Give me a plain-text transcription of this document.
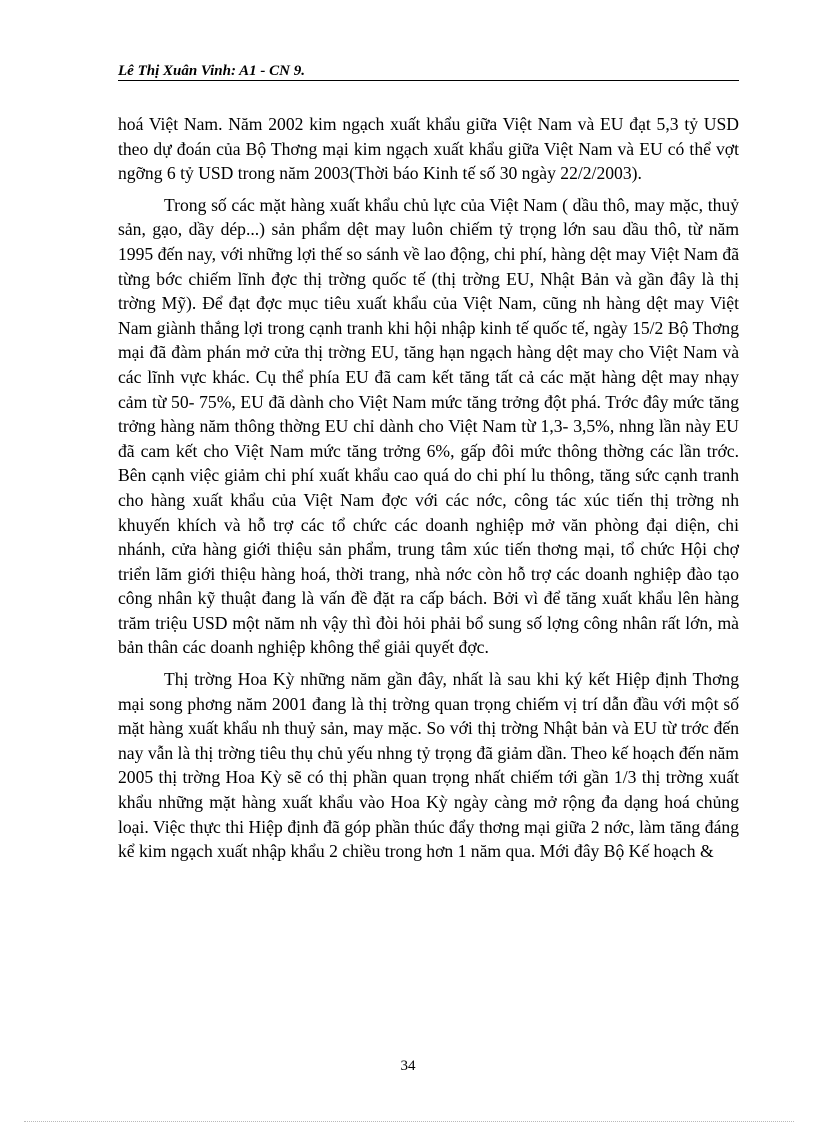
Lê Thị Xuân Vinh: A1 - CN 9.

hoá Việt Nam. Năm 2002 kim ngạch xuất khẩu giữa Việt Nam và EU đạt 5,3 tỷ USD theo dự đoán của Bộ Thơng mại kim ngạch xuất khẩu giữa Việt Nam và EU có thể vợt ngỡng 6 tỷ USD trong năm 2003(Thời báo Kinh tế số 30 ngày 22/2/2003).

Trong số các mặt hàng xuất khẩu chủ lực của Việt Nam ( dầu thô, may mặc, thuỷ sản, gạo, dầy dép...) sản phẩm dệt may luôn chiếm tỷ trọng lớn sau dầu thô, từ năm 1995 đến nay, với những lợi thế so sánh về lao động, chi phí, hàng dệt may Việt Nam đã từng bớc chiếm lĩnh đợc thị trờng quốc tế (thị trờng EU, Nhật Bản và gần đây là thị trờng Mỹ). Để đạt đợc mục tiêu xuất khẩu của Việt Nam, cũng nh hàng dệt may Việt Nam giành thắng lợi trong cạnh tranh khi hội nhập kinh tế quốc tế, ngày 15/2 Bộ Thơng mại đã đàm phán mở cửa thị trờng EU, tăng hạn ngạch hàng dệt may cho Việt Nam và các lĩnh vực khác. Cụ thể phía EU đã cam kết tăng tất cả các mặt hàng dệt may nhạy cảm từ 50- 75%, EU đã dành cho Việt Nam mức tăng trởng đột phá. Trớc đây mức tăng trởng hàng năm thông thờng EU chỉ dành cho Việt Nam từ 1,3- 3,5%, nhng lần này EU đã cam kết cho Việt Nam mức tăng trởng 6%, gấp đôi mức thông thờng các lần trớc. Bên cạnh việc giảm chi phí xuất khẩu cao quá do chi phí lu thông, tăng sức cạnh tranh cho hàng xuất khẩu của Việt Nam đợc với các nớc, công tác xúc tiến thị trờng nh khuyến khích và hỗ trợ các tổ chức các doanh nghiệp mở văn phòng đại diện, chi nhánh, cửa hàng giới thiệu sản phẩm, trung tâm xúc tiến thơng mại, tổ chức Hội chợ triển lãm giới thiệu hàng hoá, thời trang, nhà nớc còn hỗ trợ các doanh nghiệp đào tạo công nhân kỹ thuật đang là vấn đề đặt ra cấp bách. Bởi vì để tăng xuất khẩu lên hàng trăm triệu USD một năm nh vậy thì đòi hỏi phải bổ sung số lợng công nhân rất lớn, mà bản thân các doanh nghiệp không thể giải quyết đợc.

Thị trờng Hoa Kỳ những năm gần đây, nhất là sau khi ký kết Hiệp định Thơng mại song phơng năm 2001 đang là thị trờng quan trọng chiếm vị trí dẫn đầu với một số mặt hàng xuất khẩu nh thuỷ sản, may mặc. So với thị trờng Nhật bản và EU từ trớc đến nay vẫn là thị trờng tiêu thụ chủ yếu nhng tỷ trọng đã giảm dần. Theo kế hoạch đến năm 2005 thị trờng Hoa Kỳ sẽ có thị phần quan trọng nhất chiếm tới gần 1/3 thị trờng xuất khẩu những mặt hàng xuất khẩu vào Hoa Kỳ ngày càng mở rộng đa dạng hoá chủng loại. Việc thực thi Hiệp định đã góp phần thúc đẩy thơng mại giữa 2 nớc, làm tăng đáng kể kim ngạch xuất nhập khẩu 2 chiều trong hơn 1 năm qua. Mới đây Bộ Kế hoạch &

34
